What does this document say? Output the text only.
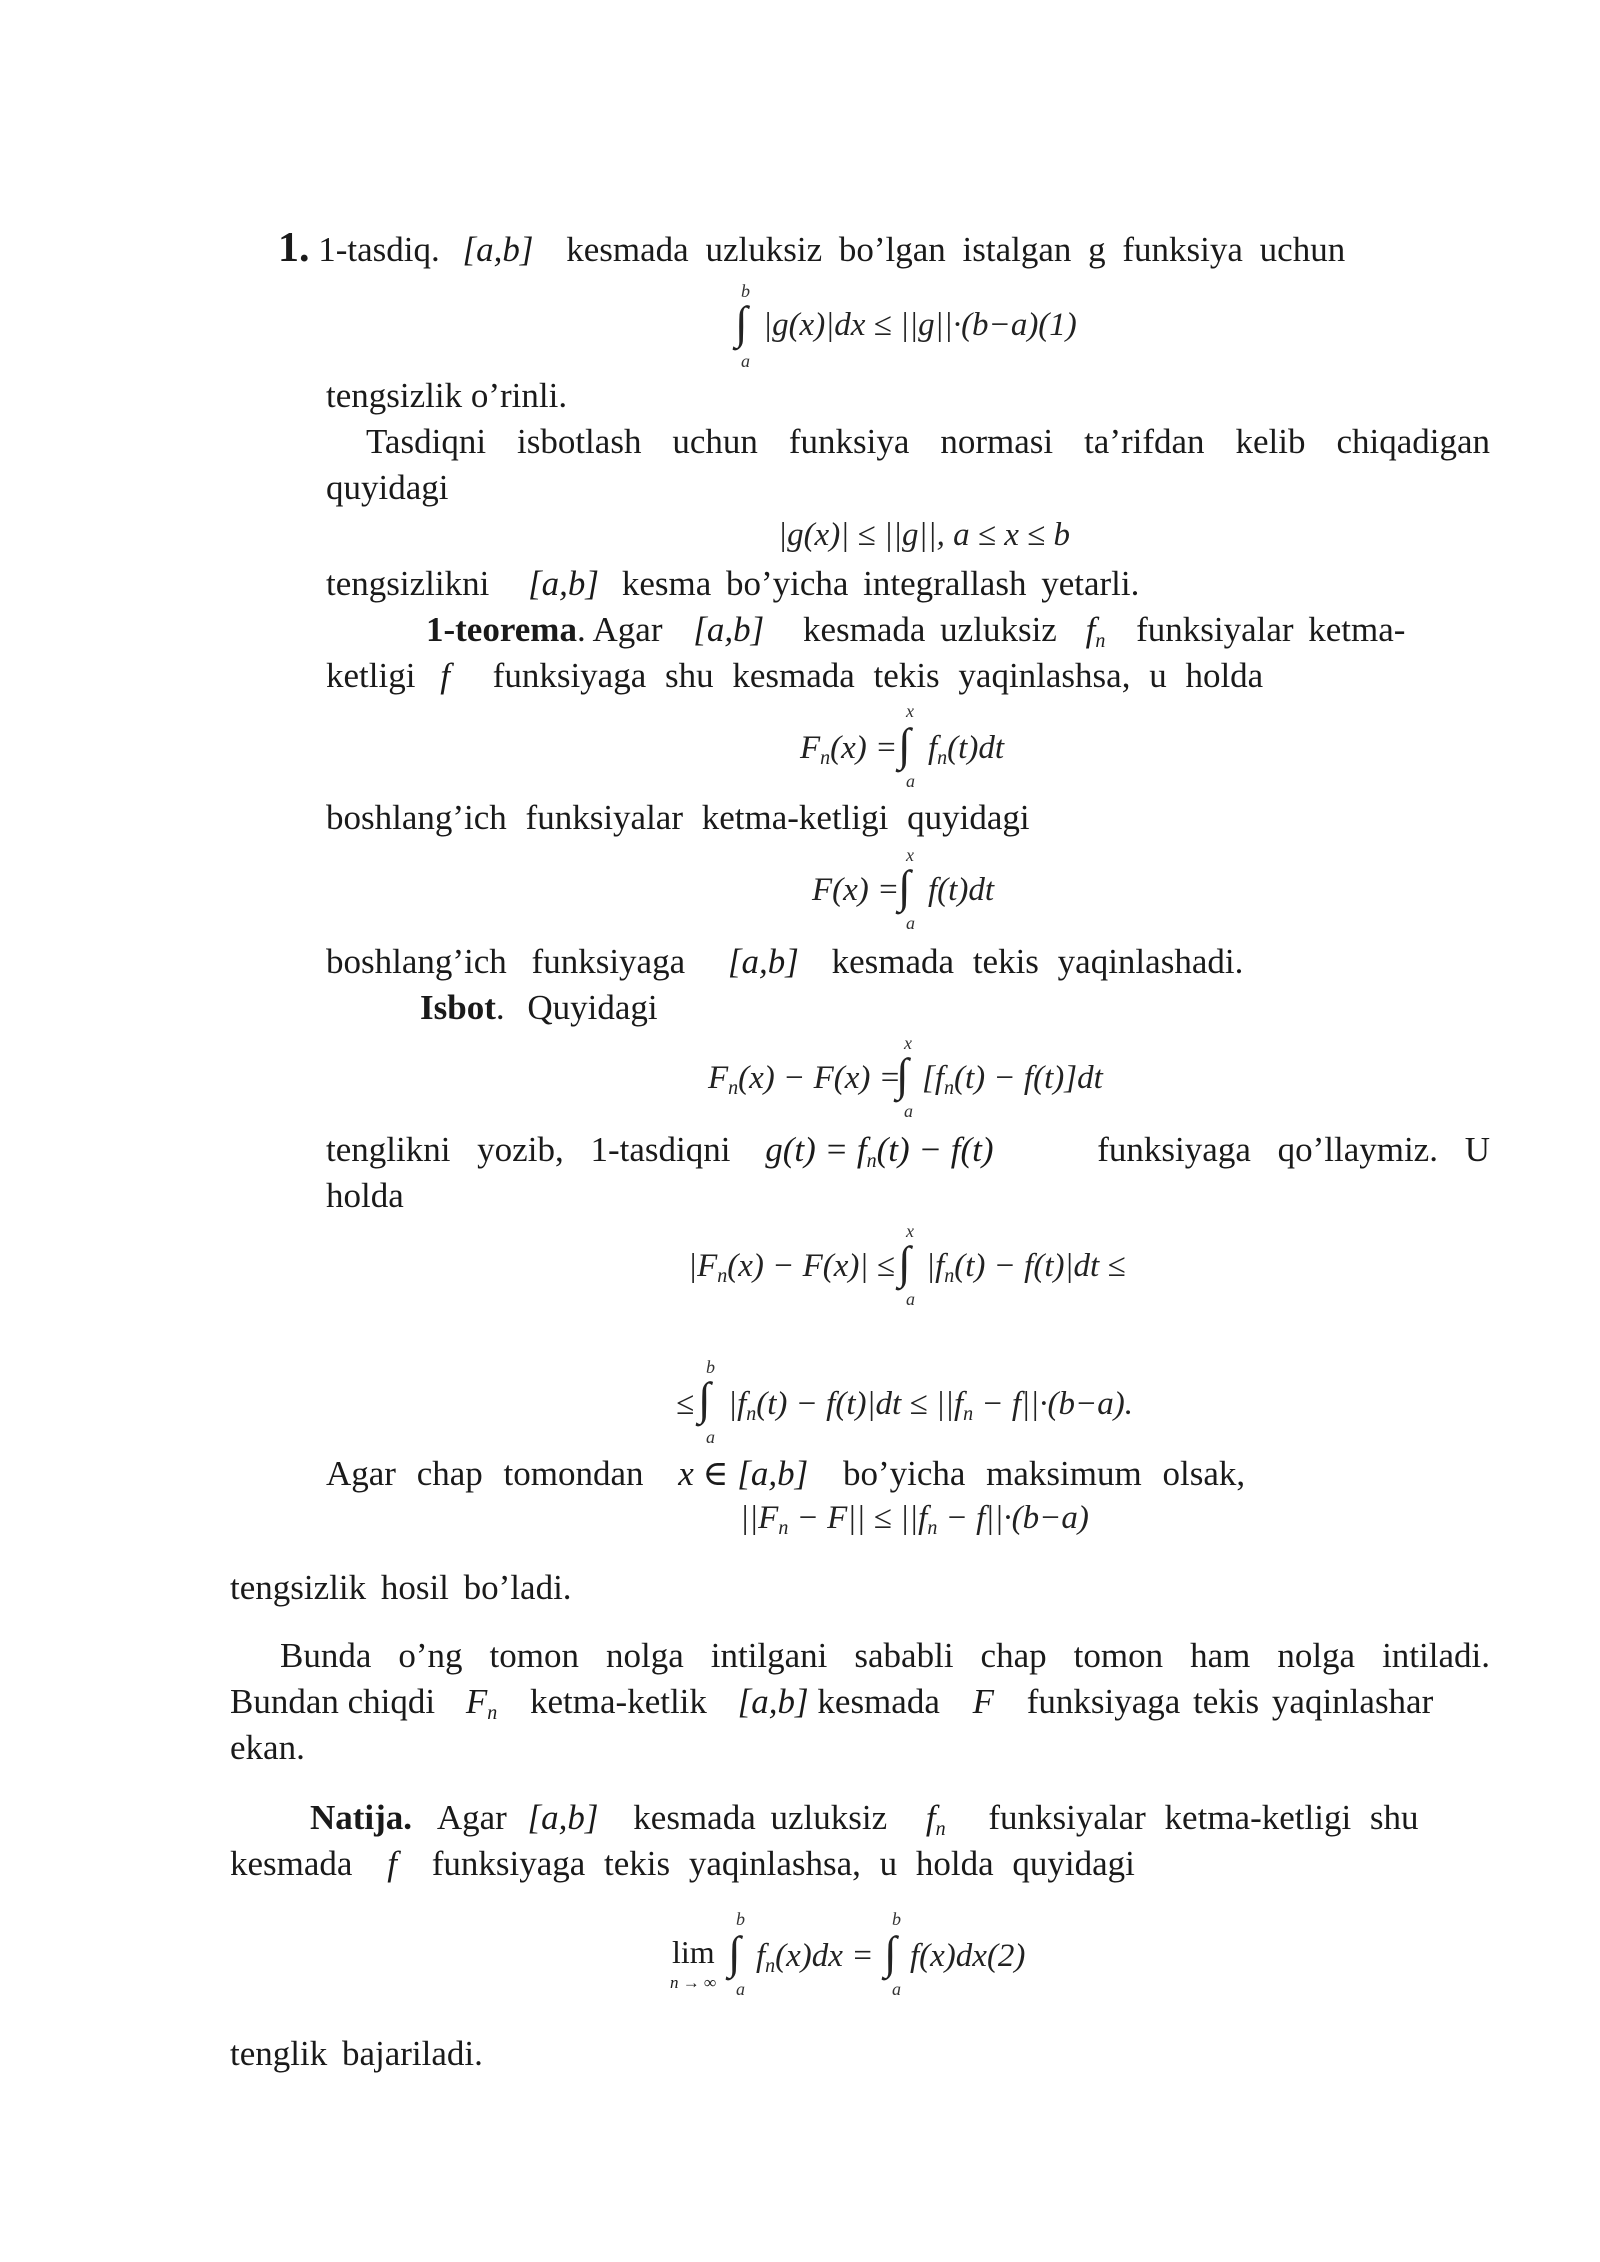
1. 1-tasdiq. [a,b] kesmada uzluksiz bo’lgan istalgan g funksiya uchun
b
∫
a
|g(x)|dx ≤ ||g||·(b−a)(1)
tengsizlik o’rinli.
Tasdiqni isbotlash uchun funksiya normasi ta’rifdan kelib chiqadigan
quyidagi
|g(x)| ≤ ||g||, a ≤ x ≤ b
tengsizlikni [a,b] kesma bo’yicha integrallash yetarli.
1-teorema. Agar [a,b] kesmada uzluksiz $f_n$ funksiyalar ketma-
ketligi f funksiyaga shu kesmada tekis yaqinlashsa, u holda
$F_n(x)$ =
x
∫
a
$f_n(t)dt$
boshlang’ich funksiyalar ketma-ketligi quyidagi
F(x) =
x
∫
a
f(t)dt
boshlang’ich funksiyaga [a,b] kesmada tekis yaqinlashadi.
Isbot. Quyidagi
$F_n(x) - F(x)$ =
x
∫
a
$[f_n(t) - f(t)]dt$
tenglikni yozib, 1-tasdiqni $g(t) = f_n(t) - f(t)$	funksiyaga qo’llaymiz. U
holda
$|F_n(x) - F(x)|$ ≤
x
∫
a
$|f_n(t) - f(t)|dt$ ≤
≤
b
∫
a
$|f_n(t) - f(t)|dt \le ||f_n - f||\cdot(b-a)$.
Agar chap tomondan x ∈ [a,b] bo’yicha maksimum olsak,
$||F_n - F|| \le ||f_n - f||\cdot(b-a)$
tengsizlik hosil bo’ladi.
Bunda o’ng tomon nolga intilgani sababli chap tomon ham nolga intiladi.
Bundan chiqdi $F_n$ ketma-ketlik [a,b] kesmada F funksiyaga tekis yaqinlashar
ekan.
Natija. Agar [a,b] kesmada uzluksiz $f_n$ funksiyalar ketma-ketligi shu
kesmada f funksiyaga tekis yaqinlashsa, u holda quyidagi
lim
n → ∞
b
∫
a
$f_n(x)dx$ =
b
∫
a
f(x)dx(2)
tenglik bajariladi.
